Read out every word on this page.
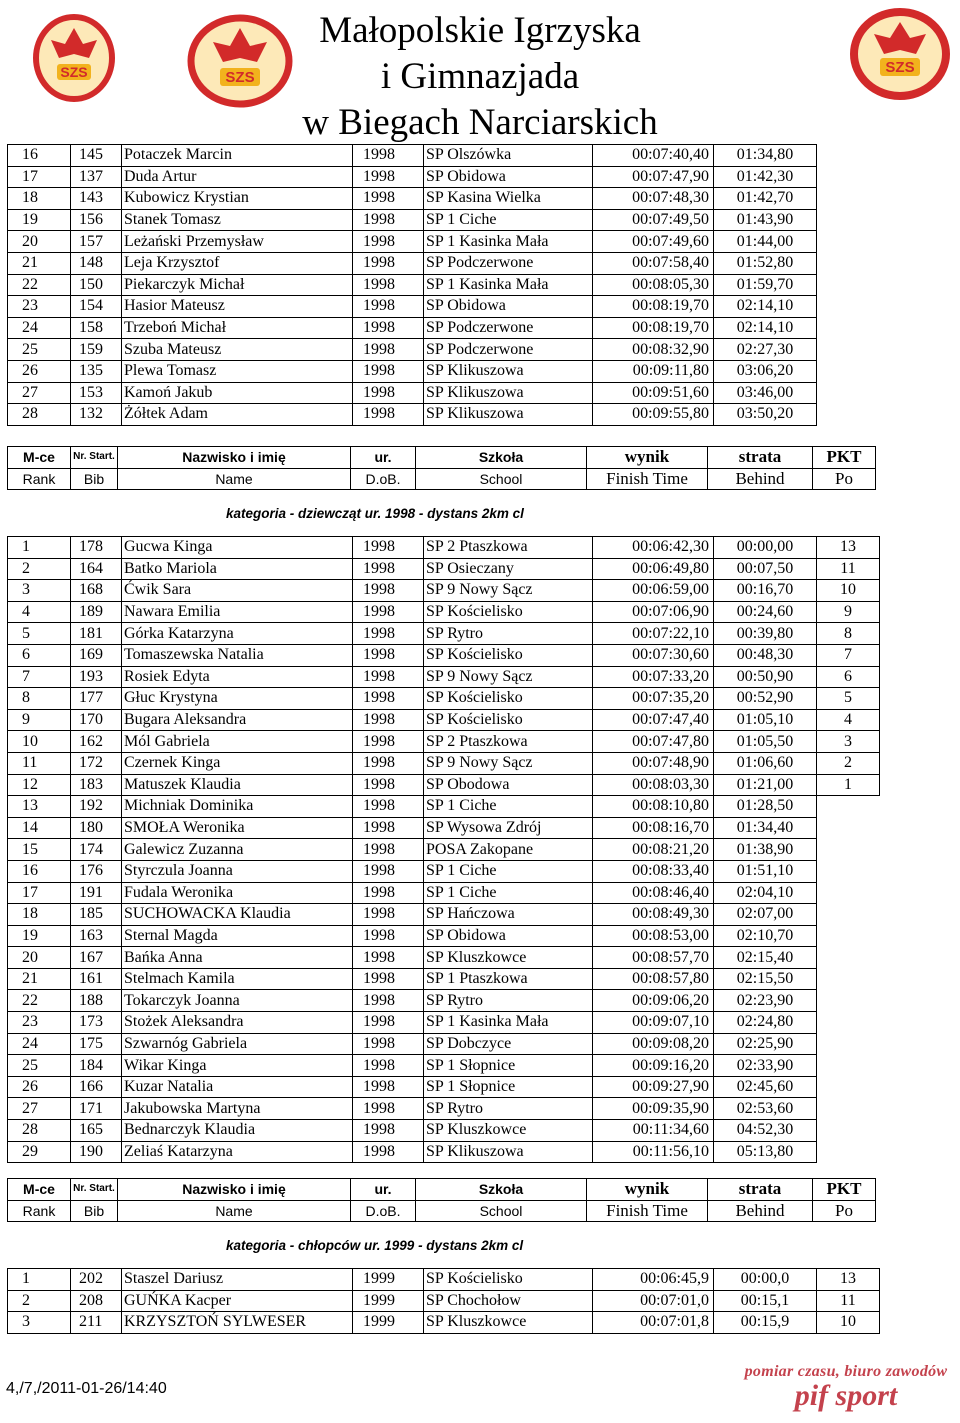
SZS	SZS
SZS
Małopolskie Igrzyska
i Gimnazjada
w Biegach Narciarskich
16	145	Potaczek Marcin	1998	SP Olszówka	00:07:40,40	01:34,80	
17	137	Duda Artur	1998	SP Obidowa	00:07:47,90	01:42,30	
18	143	Kubowicz Krystian	1998	SP Kasina Wielka	00:07:48,30	01:42,70	
19	156	Stanek Tomasz	1998	SP 1 Ciche	00:07:49,50	01:43,90	
20	157	Leżański Przemysław	1998	SP 1 Kasinka Mała	00:07:49,60	01:44,00	
21	148	Leja Krzysztof	1998	SP Podczerwone	00:07:58,40	01:52,80	
22	150	Piekarczyk Michał	1998	SP 1 Kasinka Mała	00:08:05,30	01:59,70	
23	154	Hasior Mateusz	1998	SP Obidowa	00:08:19,70	02:14,10	
24	158	Trzeboń Michał	1998	SP Podczerwone	00:08:19,70	02:14,10	
25	159	Szuba Mateusz	1998	SP Podczerwone	00:08:32,90	02:27,30	
26	135	Plewa Tomasz	1998	SP Klikuszowa	00:09:11,80	03:06,20	
27	153	Kamoń Jakub	1998	SP Klikuszowa	00:09:51,60	03:46,00	
28	132	Żółtek Adam	1998	SP Klikuszowa	00:09:55,80	03:50,20	
M-ce	Nr. Start.	Nazwisko i imię	ur.	Szkoła	wynik	strata	PKT
Rank	Bib	Name	D.oB.	School	Finish Time	Behind	Po
kategoria - dziewcząt ur. 1998 - dystans 2km cl
1	178	Gucwa Kinga	1998	SP 2 Ptaszkowa	00:06:42,30	00:00,00	13
2	164	Batko Mariola	1998	SP Osieczany	00:06:49,80	00:07,50	11
3	168	Ćwik Sara	1998	SP 9 Nowy Sącz	00:06:59,00	00:16,70	10
4	189	Nawara Emilia	1998	SP Kościelisko	00:07:06,90	00:24,60	9
5	181	Górka Katarzyna	1998	SP Rytro	00:07:22,10	00:39,80	8
6	169	Tomaszewska Natalia	1998	SP Kościelisko	00:07:30,60	00:48,30	7
7	193	Rosiek Edyta	1998	SP 9 Nowy Sącz	00:07:33,20	00:50,90	6
8	177	Głuc Krystyna	1998	SP Kościelisko	00:07:35,20	00:52,90	5
9	170	Bugara Aleksandra	1998	SP Kościelisko	00:07:47,40	01:05,10	4
10	162	Mól Gabriela	1998	SP 2 Ptaszkowa	00:07:47,80	01:05,50	3
11	172	Czernek Kinga	1998	SP 9 Nowy Sącz	00:07:48,90	01:06,60	2
12	183	Matuszek Klaudia	1998	SP Obodowa	00:08:03,30	01:21,00	1
13	192	Michniak Dominika	1998	SP 1 Ciche	00:08:10,80	01:28,50	
14	180	SMOŁA Weronika	1998	SP Wysowa Zdrój	00:08:16,70	01:34,40	
15	174	Galewicz Zuzanna	1998	POSA Zakopane	00:08:21,20	01:38,90	
16	176	Styrczula Joanna	1998	SP 1 Ciche	00:08:33,40	01:51,10	
17	191	Fudala Weronika	1998	SP 1 Ciche	00:08:46,40	02:04,10	
18	185	SUCHOWACKA Klaudia	1998	SP Hańczowa	00:08:49,30	02:07,00	
19	163	Sternal Magda	1998	SP Obidowa	00:08:53,00	02:10,70	
20	167	Bańka Anna	1998	SP Kluszkowce	00:08:57,70	02:15,40	
21	161	Stelmach Kamila	1998	SP 1 Ptaszkowa	00:08:57,80	02:15,50	
22	188	Tokarczyk Joanna	1998	SP Rytro	00:09:06,20	02:23,90	
23	173	Stożek Aleksandra	1998	SP 1 Kasinka Mała	00:09:07,10	02:24,80	
24	175	Szwarnóg Gabriela	1998	SP Dobczyce	00:09:08,20	02:25,90	
25	184	Wikar Kinga	1998	SP 1 Słopnice	00:09:16,20	02:33,90	
26	166	Kuzar Natalia	1998	SP 1 Słopnice	00:09:27,90	02:45,60	
27	171	Jakubowska Martyna	1998	SP Rytro	00:09:35,90	02:53,60	
28	165	Bednarczyk Klaudia	1998	SP Kluszkowce	00:11:34,60	04:52,30	
29	190	Zeliaś Katarzyna	1998	SP Klikuszowa	00:11:56,10	05:13,80	
M-ce	Nr. Start.	Nazwisko i imię	ur.	Szkoła	wynik	strata	PKT
Rank	Bib	Name	D.oB.	School	Finish Time	Behind	Po
kategoria - chłopców ur. 1999 - dystans 2km cl
1	202	Staszel Dariusz	1999	SP Kościelisko	00:06:45,9	00:00,0	13
2	208	GUŃKA Kacper	1999	SP Chochołow	00:07:01,0	00:15,1	11
3	211	KRZYSZTOŃ SYLWESER	1999	SP Kluszkowce	00:07:01,8	00:15,9	10
4,/7,/2011-01-26/14:40
pomiar czasu, biuro zawodów
pif sport
